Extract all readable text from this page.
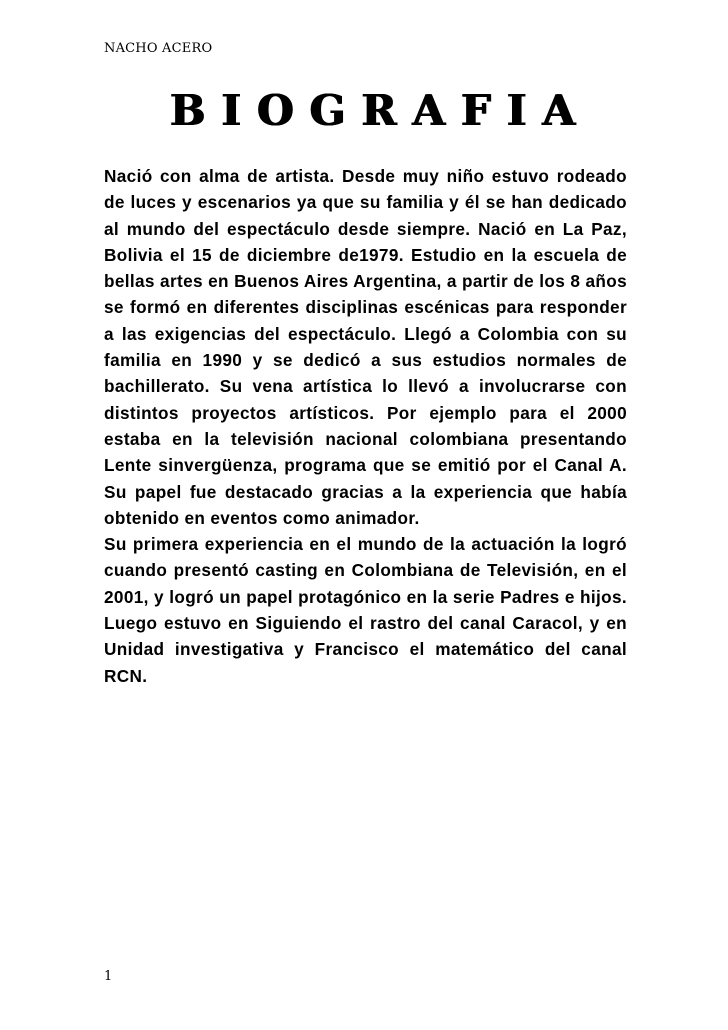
NACHO ACERO
BIOGRAFIA

Nació con alma de artista. Desde muy niño estuvo rodeado de luces y escenarios ya que su familia y él se han dedicado al mundo del espectáculo desde siempre. Nació en La Paz, Bolivia el 15 de diciembre de1979. Estudio en la escuela de bellas artes en Buenos Aires Argentina, a partir de los 8 años se formó en diferentes disciplinas escénicas para responder a las exigencias del espectáculo. Llegó a Colombia con su familia en 1990 y se dedicó a sus estudios normales de bachillerato. Su vena artística lo llevó a involucrarse con distintos proyectos artísticos. Por ejemplo para el 2000 estaba en la televisión nacional colombiana presentando Lente sinvergüenza, programa que se emitió por el Canal A. Su papel fue destacado gracias a la experiencia que había obtenido en eventos como animador.

Su primera experiencia en el mundo de la actuación la logró cuando presentó casting en Colombiana de Televisión, en el 2001, y logró un papel protagónico en la serie Padres e hijos. Luego estuvo en Siguiendo el rastro del canal Caracol, y en Unidad investigativa y Francisco el matemático del canal RCN.

1
